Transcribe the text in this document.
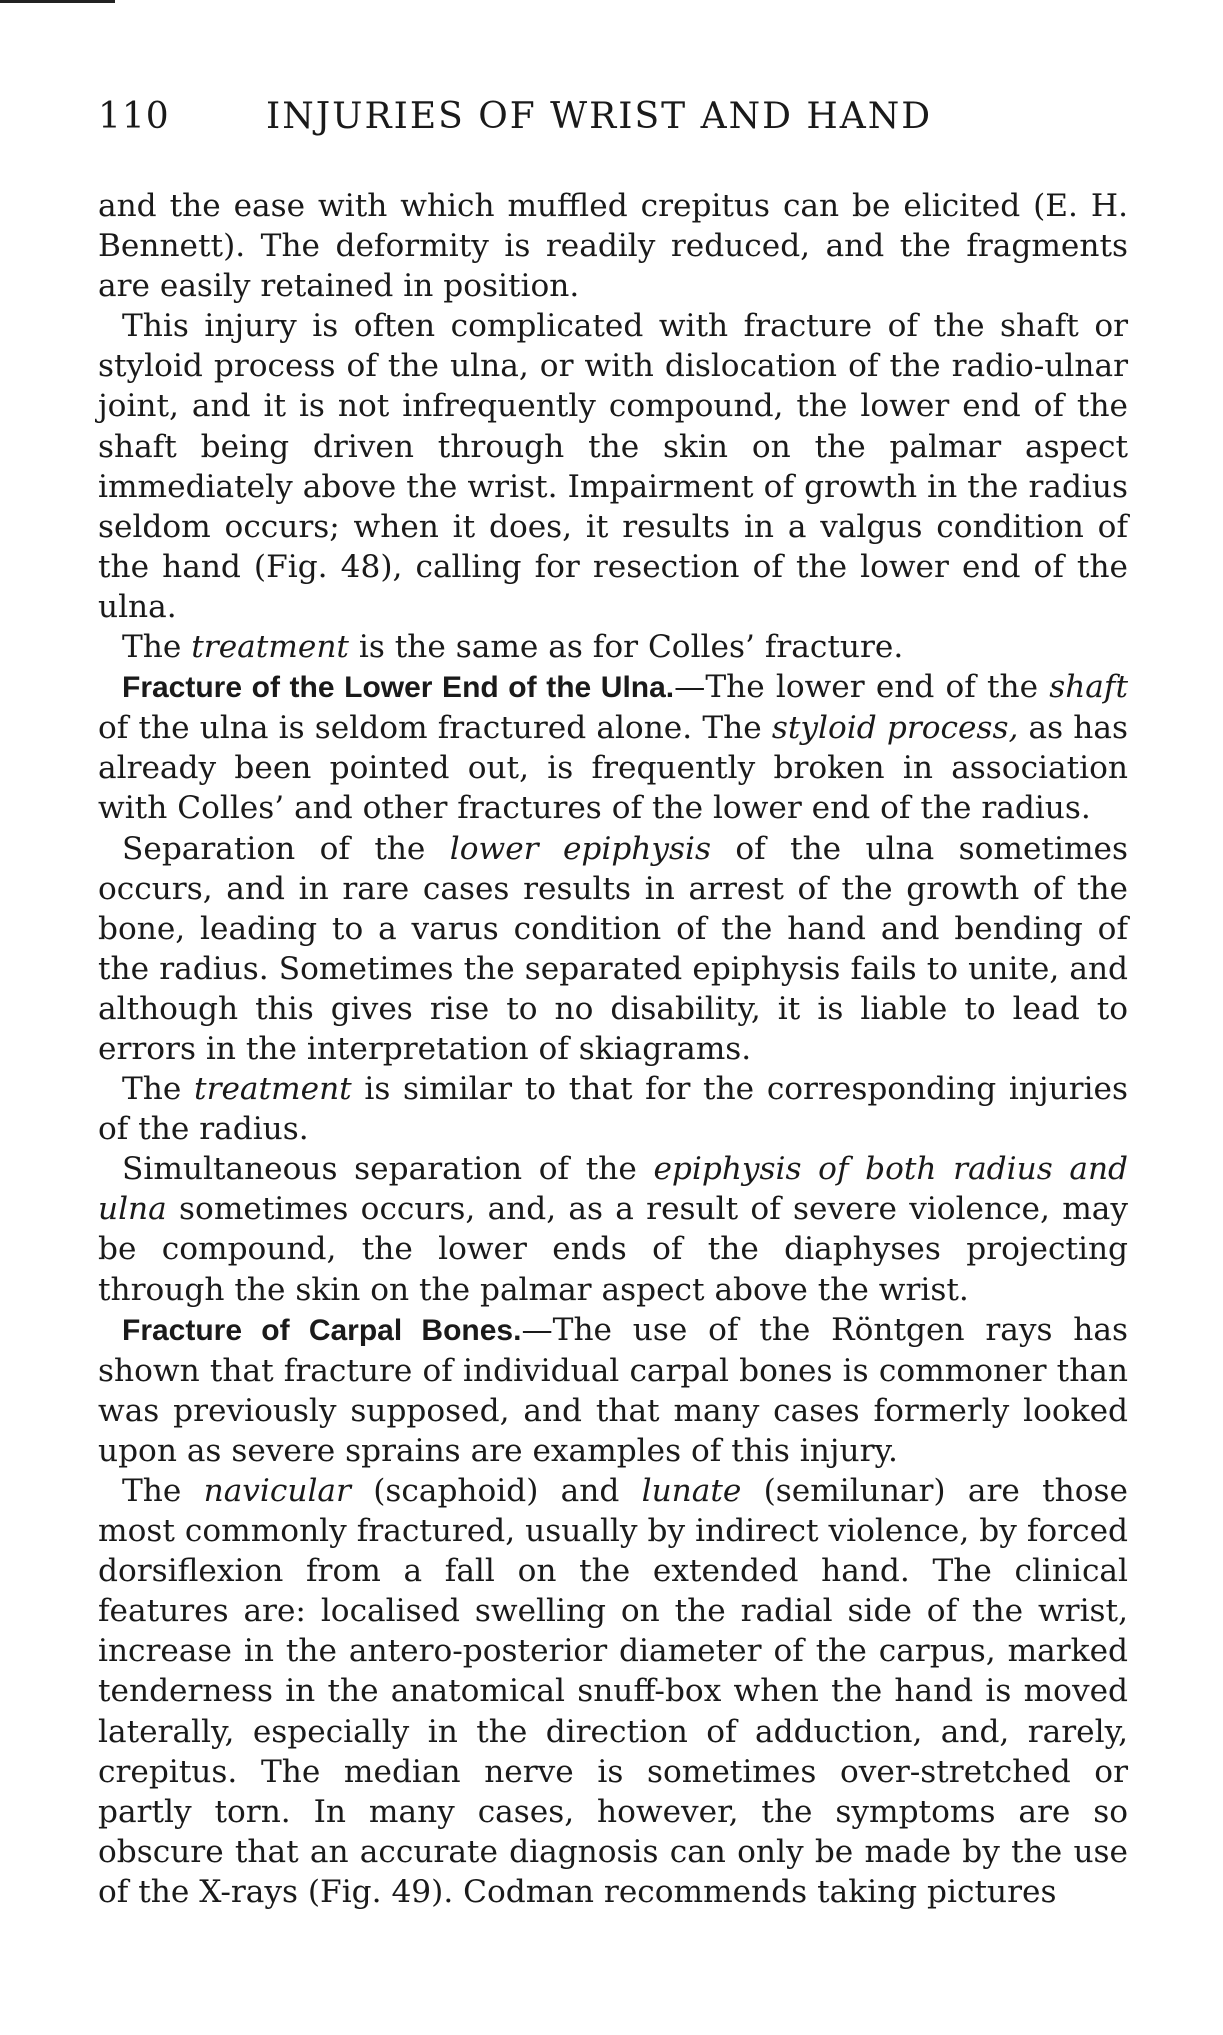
110	INJURIES OF WRIST AND HAND

and the ease with which muffled crepitus can be elicited (E. H. Bennett). The deformity is readily reduced, and the fragments are easily retained in position.

This injury is often complicated with fracture of the shaft or styloid process of the ulna, or with dislocation of the radio-ulnar joint, and it is not infrequently compound, the lower end of the shaft being driven through the skin on the palmar aspect immediately above the wrist. Impairment of growth in the radius seldom occurs; when it does, it results in a valgus condition of the hand (Fig. 48), calling for resection of the lower end of the ulna.

The treatment is the same as for Colles’ fracture.

Fracture of the Lower End of the Ulna.—The lower end of the shaft of the ulna is seldom fractured alone. The styloid process, as has already been pointed out, is frequently broken in association with Colles’ and other fractures of the lower end of the radius.

Separation of the lower epiphysis of the ulna sometimes occurs, and in rare cases results in arrest of the growth of the bone, leading to a varus condition of the hand and bending of the radius. Sometimes the separated epiphysis fails to unite, and although this gives rise to no disability, it is liable to lead to errors in the interpretation of skiagrams.

The treatment is similar to that for the corresponding injuries of the radius.

Simultaneous separation of the epiphysis of both radius and ulna sometimes occurs, and, as a result of severe violence, may be compound, the lower ends of the diaphyses projecting through the skin on the palmar aspect above the wrist.

Fracture of Carpal Bones.—The use of the Röntgen rays has shown that fracture of individual carpal bones is commoner than was previously supposed, and that many cases formerly looked upon as severe sprains are examples of this injury.

The navicular (scaphoid) and lunate (semilunar) are those most commonly fractured, usually by indirect violence, by forced dorsiflexion from a fall on the extended hand. The clinical features are: localised swelling on the radial side of the wrist, increase in the antero-posterior diameter of the carpus, marked tenderness in the anatomical snuff-box when the hand is moved laterally, especially in the direction of adduction, and, rarely, crepitus. The median nerve is sometimes over-stretched or partly torn. In many cases, however, the symptoms are so obscure that an accurate diagnosis can only be made by the use of the X-rays (Fig. 49). Codman recommends taking pictures
